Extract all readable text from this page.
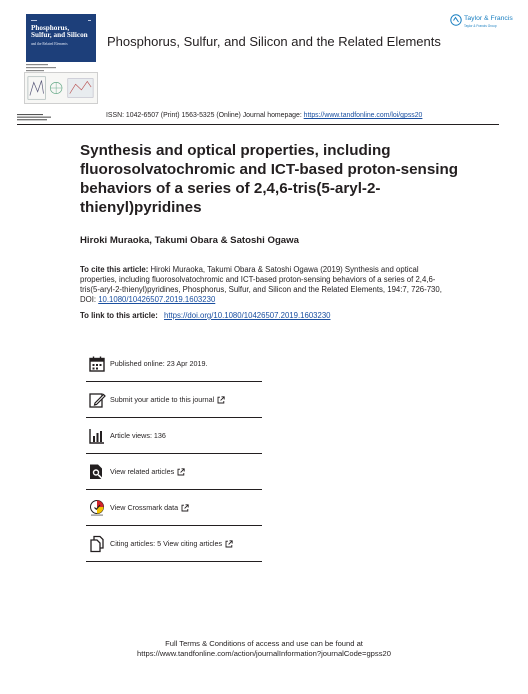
▬▬	▬
Phosphorus, Sulfur, and Silicon
and the Related Elements	Phosphorus, Sulfur, and Silicon and the Related Elements
Taylor & Francis
Taylor & Francis Group
ISSN: 1042-6507 (Print) 1563-5325 (Online) Journal homepage: https://www.tandfonline.com/loi/gpss20
Synthesis and optical properties, including fluorosolvatochromic and ICT-based proton-sensing behaviors of a series of 2,4,6-tris(5-aryl-2-thienyl)pyridines
Hiroki Muraoka, Takumi Obara & Satoshi Ogawa
To cite this article: Hiroki Muraoka, Takumi Obara & Satoshi Ogawa (2019) Synthesis and optical properties, including fluorosolvatochromic and ICT-based proton-sensing behaviors of a series of 2,4,6-tris(5-aryl-2-thienyl)pyridines, Phosphorus, Sulfur, and Silicon and the Related Elements, 194:7, 726-730, DOI: 10.1080/10426507.2019.1603230
To link to this article: https://doi.org/10.1080/10426507.2019.1603230
Published online: 23 Apr 2019.
Submit your article to this journal
Article views: 136
View related articles
View Crossmark data
Citing articles: 5 View citing articles
Full Terms & Conditions of access and use can be found at
https://www.tandfonline.com/action/journalInformation?journalCode=gpss20
